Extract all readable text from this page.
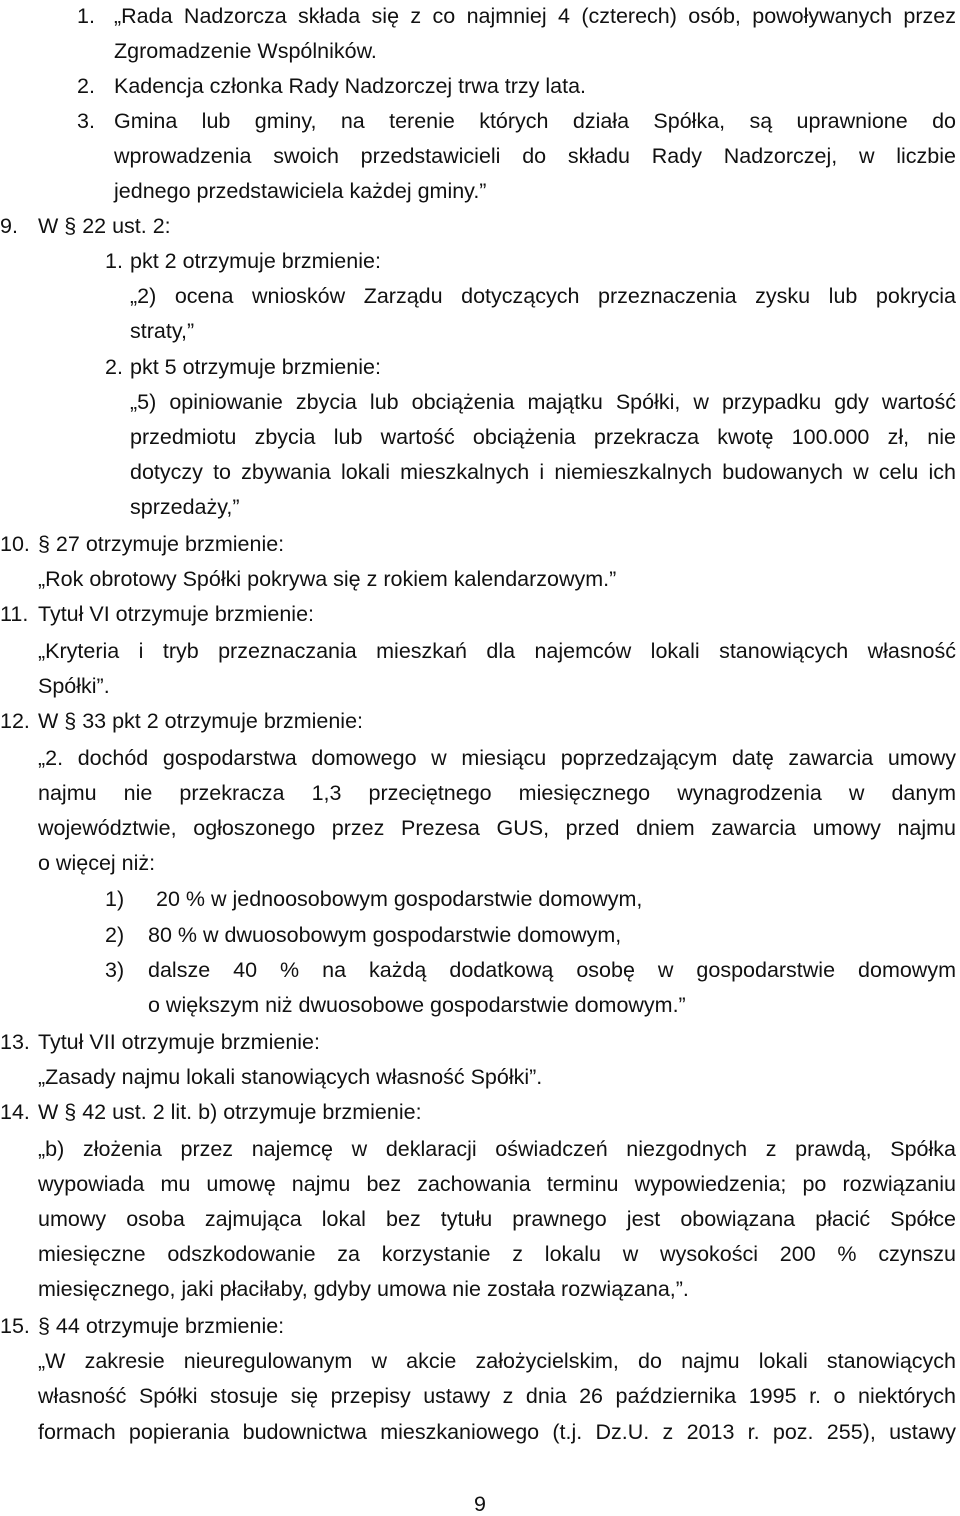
1. „Rada Nadzorcza składa się z co najmniej 4 (czterech) osób, powoływanych przez
Zgromadzenie Wspólników.
2. Kadencja członka Rady Nadzorczej trwa trzy lata.
3. Gmina lub gminy, na terenie których działa Spółka, są uprawnione do
wprowadzenia swoich przedstawicieli do składu Rady Nadzorczej, w liczbie
jednego przedstawiciela każdej gminy.”
9. W § 22 ust. 2:
1. pkt 2 otrzymuje brzmienie:
„2) ocena wniosków Zarządu dotyczących przeznaczenia zysku lub pokrycia
straty,”
2. pkt 5 otrzymuje brzmienie:
„5) opiniowanie zbycia lub obciążenia majątku Spółki, w przypadku gdy wartość
przedmiotu zbycia lub wartość obciążenia przekracza kwotę 100.000 zł, nie
dotyczy to zbywania lokali mieszkalnych i niemieszkalnych budowanych w celu ich
sprzedaży,”
10. § 27 otrzymuje brzmienie:
„Rok obrotowy Spółki pokrywa się z rokiem kalendarzowym.”
11. Tytuł VI otrzymuje brzmienie:
„Kryteria i tryb przeznaczania mieszkań dla najemców lokali stanowiących własność
Spółki”.
12. W § 33 pkt 2 otrzymuje brzmienie:
„2. dochód gospodarstwa domowego w miesiącu poprzedzającym datę zawarcia umowy
najmu nie przekracza 1,3 przeciętnego miesięcznego wynagrodzenia w danym
województwie, ogłoszonego przez Prezesa GUS, przed dniem zawarcia umowy najmu
o więcej niż:
1) 20 % w jednoosobowym gospodarstwie domowym,
2) 80 % w dwuosobowym gospodarstwie domowym,
3) dalsze 40 % na każdą dodatkową osobę w gospodarstwie domowym
o większym niż dwuosobowe gospodarstwie domowym.”
13. Tytuł VII otrzymuje brzmienie:
„Zasady najmu lokali stanowiących własność Spółki”.
14. W § 42 ust. 2 lit. b) otrzymuje brzmienie:
„b) złożenia przez najemcę w deklaracji oświadczeń niezgodnych z prawdą, Spółka
wypowiada mu umowę najmu bez zachowania terminu wypowiedzenia; po rozwiązaniu
umowy osoba zajmująca lokal bez tytułu prawnego jest obowiązana płacić Spółce
miesięczne odszkodowanie za korzystanie z lokalu w wysokości 200 % czynszu
miesięcznego, jaki płaciłaby, gdyby umowa nie została rozwiązana,”.
15. § 44 otrzymuje brzmienie:
„W zakresie nieuregulowanym w akcie założycielskim, do najmu lokali stanowiących
własność Spółki stosuje się przepisy ustawy z dnia 26 października 1995 r. o niektórych
formach popierania budownictwa mieszkaniowego (t.j. Dz.U. z 2013 r. poz. 255), ustawy
9
